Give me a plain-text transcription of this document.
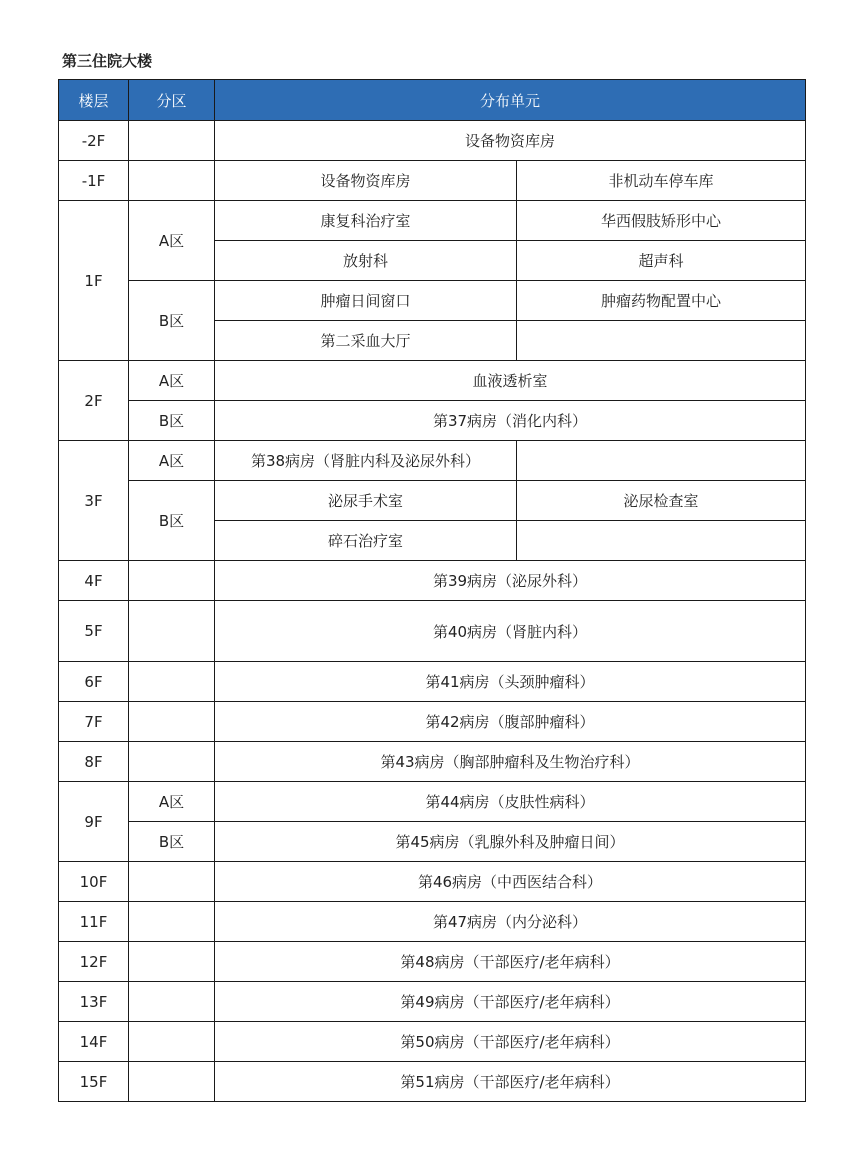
第三住院大楼
楼层	分区	分布单元	
-2F		设备物资库房	
-1F		设备物资库房	非机动车停车库
1F	A区	康复科治疗室	华西假肢矫形中心
		放射科	超声科
	B区	肿瘤日间窗口	肿瘤药物配置中心
		第二采血大厅	
2F	A区	血液透析室	
	B区	第37病房（消化内科）	
3F	A区	第38病房（肾脏内科及泌尿外科）	
	B区	泌尿手术室	泌尿检查室
		碎石治疗室	
4F		第39病房（泌尿外科）	
5F		第40病房（肾脏内科）	
6F		第41病房（头颈肿瘤科）	
7F		第42病房（腹部肿瘤科）	
8F		第43病房（胸部肿瘤科及生物治疗科）	
9F	A区	第44病房（皮肤性病科）	
	B区	第45病房（乳腺外科及肿瘤日间）	
10F		第46病房（中西医结合科）	
11F		第47病房（内分泌科）	
12F		第48病房（干部医疗/老年病科）	
13F		第49病房（干部医疗/老年病科）	
14F		第50病房（干部医疗/老年病科）	
15F		第51病房（干部医疗/老年病科）	
